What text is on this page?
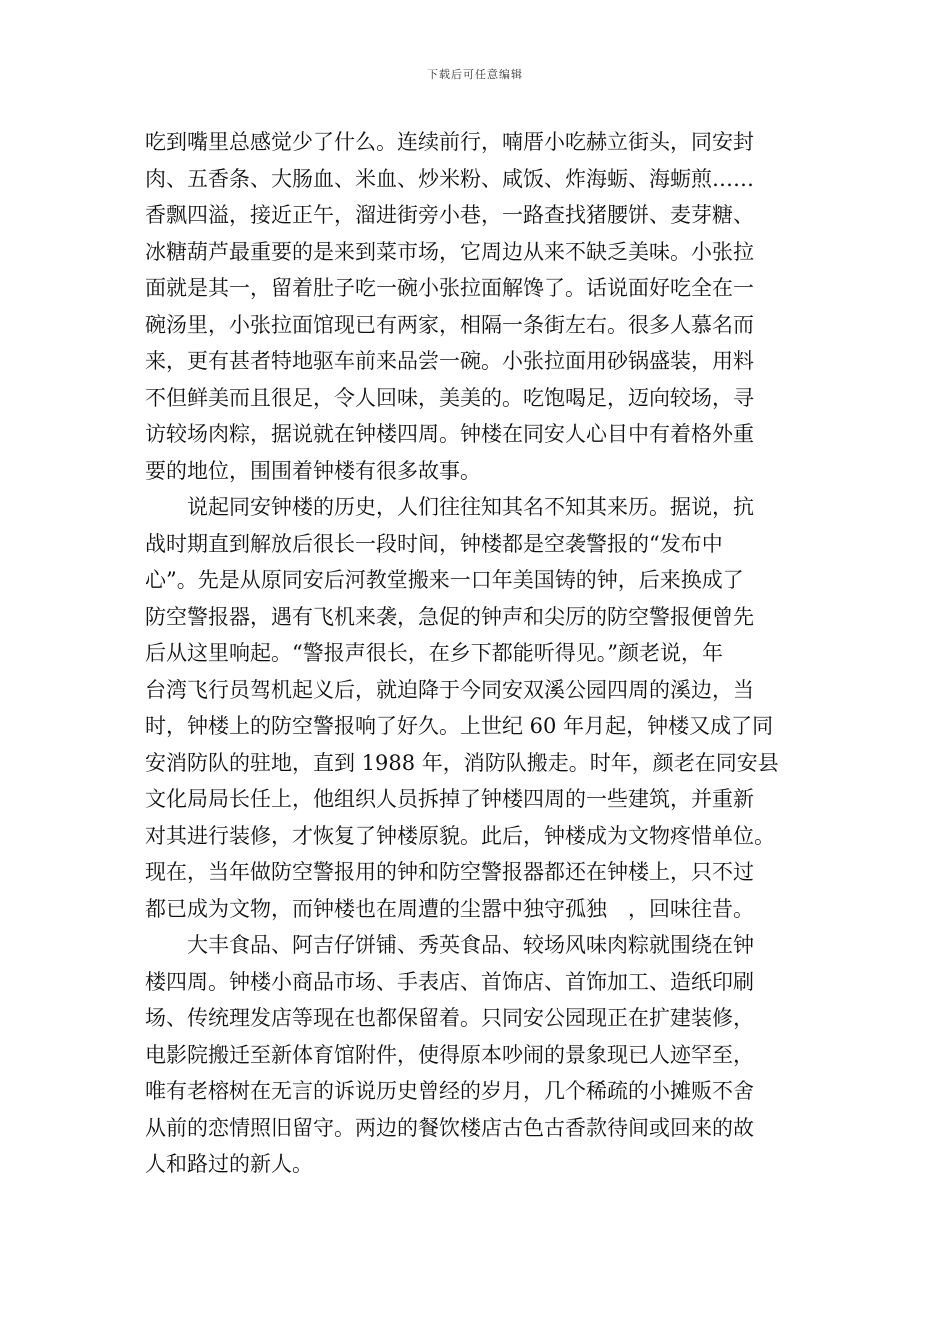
下载后可任意编辑
吃到嘴里总感觉少了什么。连续前行，喃厝小吃赫立街头，同安封
肉、五香条、大肠血、米血、炒米粉、咸饭、炸海蛎、海蛎煎……
香飘四溢，接近正午，溜进街旁小巷，一路查找猪腰饼、麦芽糖、
冰糖葫芦最重要的是来到菜市场，它周边从来不缺乏美味。小张拉
面就是其一，留着肚子吃一碗小张拉面解馋了。话说面好吃全在一
碗汤里，小张拉面馆现已有两家，相隔一条街左右。很多人慕名而
来，更有甚者特地驱车前来品尝一碗。小张拉面用砂锅盛装，用料
不但鲜美而且很足，令人回味，美美的。吃饱喝足，迈向较场，寻
访较场肉粽，据说就在钟楼四周。钟楼在同安人心目中有着格外重
要的地位，围围着钟楼有很多故事。
　　说起同安钟楼的历史，人们往往知其名不知其来历。据说，抗
战时期直到解放后很长一段时间，钟楼都是空袭警报的“发布中
心”。先是从原同安后河教堂搬来一口年美国铸的钟，后来换成了
防空警报器，遇有飞机来袭，急促的钟声和尖厉的防空警报便曾先
后从这里响起。“警报声很长，在乡下都能听得见。”颜老说，年
台湾飞行员驾机起义后，就迫降于今同安双溪公园四周的溪边，当
时，钟楼上的防空警报响了好久。上世纪 60 年月起，钟楼又成了同
安消防队的驻地，直到 1988 年，消防队搬走。时年，颜老在同安县
文化局局长任上，他组织人员拆掉了钟楼四周的一些建筑，并重新
对其进行装修，才恢复了钟楼原貌。此后，钟楼成为文物疼惜单位。
现在，当年做防空警报用的钟和防空警报器都还在钟楼上，只不过
都已成为文物，而钟楼也在周遭的尘嚣中独守孤独　，回味往昔。
　　大丰食品、阿吉仔饼铺、秀英食品、较场风味肉粽就围绕在钟
楼四周。钟楼小商品市场、手表店、首饰店、首饰加工、造纸印刷
场、传统理发店等现在也都保留着。只同安公园现正在扩建装修，
电影院搬迁至新体育馆附件，使得原本吵闹的景象现已人迹罕至，
唯有老榕树在无言的诉说历史曾经的岁月，几个稀疏的小摊贩不舍
从前的恋情照旧留守。两边的餐饮楼店古色古香款待间或回来的故
人和路过的新人。
